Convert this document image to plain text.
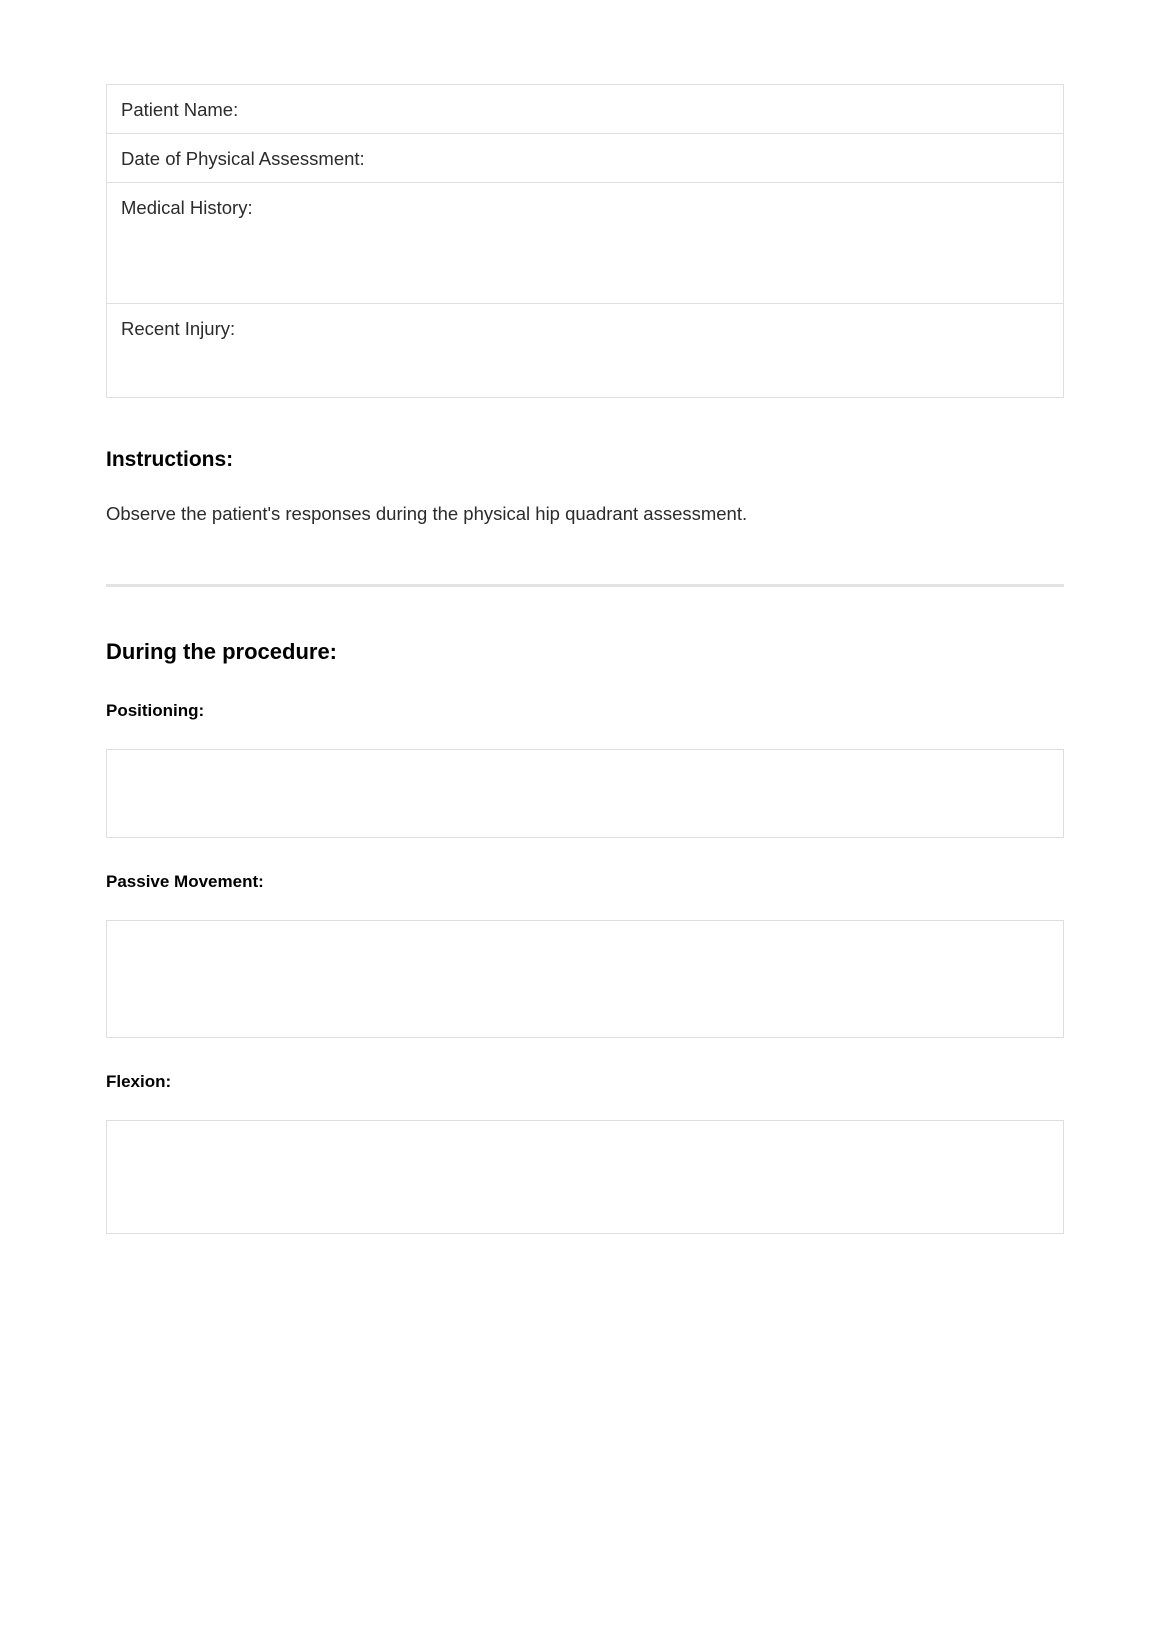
Patient Name:

Date of Physical Assessment:

Medical History:

Recent Injury:
Instructions:

Observe the patient's responses during the physical hip quadrant assessment.

During the procedure:
Positioning:
Passive Movement:
Flexion:
